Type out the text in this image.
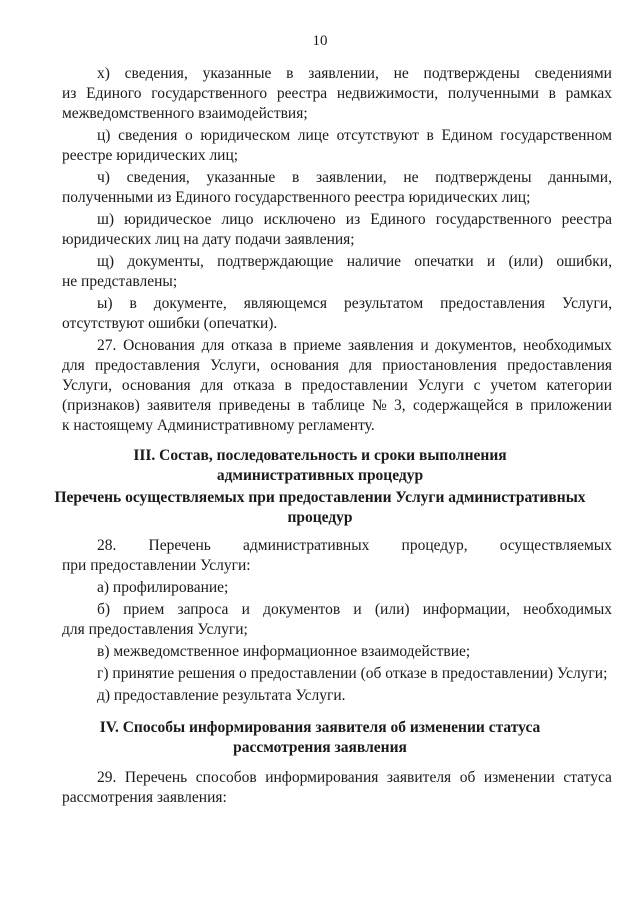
10
х) сведения, указанные в заявлении, не подтверждены сведениями
из Единого государственного реестра недвижимости, полученными в рамках
межведомственного взаимодействия;
ц) сведения о юридическом лице отсутствуют в Едином государственном
реестре юридических лиц;
ч) сведения, указанные в заявлении, не подтверждены данными,
полученными из Единого государственного реестра юридических лиц;
ш) юридическое лицо исключено из Единого государственного реестра
юридических лиц на дату подачи заявления;
щ) документы, подтверждающие наличие опечатки и (или) ошибки,
не представлены;
ы) в документе, являющемся результатом предоставления Услуги,
отсутствуют ошибки (опечатки).
27. Основания для отказа в приеме заявления и документов, необходимых
для предоставления Услуги, основания для приостановления предоставления
Услуги, основания для отказа в предоставлении Услуги с учетом категории
(признаков) заявителя приведены в таблице № 3, содержащейся в приложении
к настоящему Административному регламенту.
III. Состав, последовательность и сроки выполнения
административных процедур
Перечень осуществляемых при предоставлении Услуги административных
процедур
28. Перечень административных процедур, осуществляемых
при предоставлении Услуги:
а) профилирование;
б) прием запроса и документов и (или) информации, необходимых
для предоставления Услуги;
в) межведомственное информационное взаимодействие;
г) принятие решения о предоставлении (об отказе в предоставлении) Услуги;
д) предоставление результата Услуги.
IV. Способы информирования заявителя об изменении статуса
рассмотрения заявления
29. Перечень способов информирования заявителя об изменении статуса
рассмотрения заявления:
